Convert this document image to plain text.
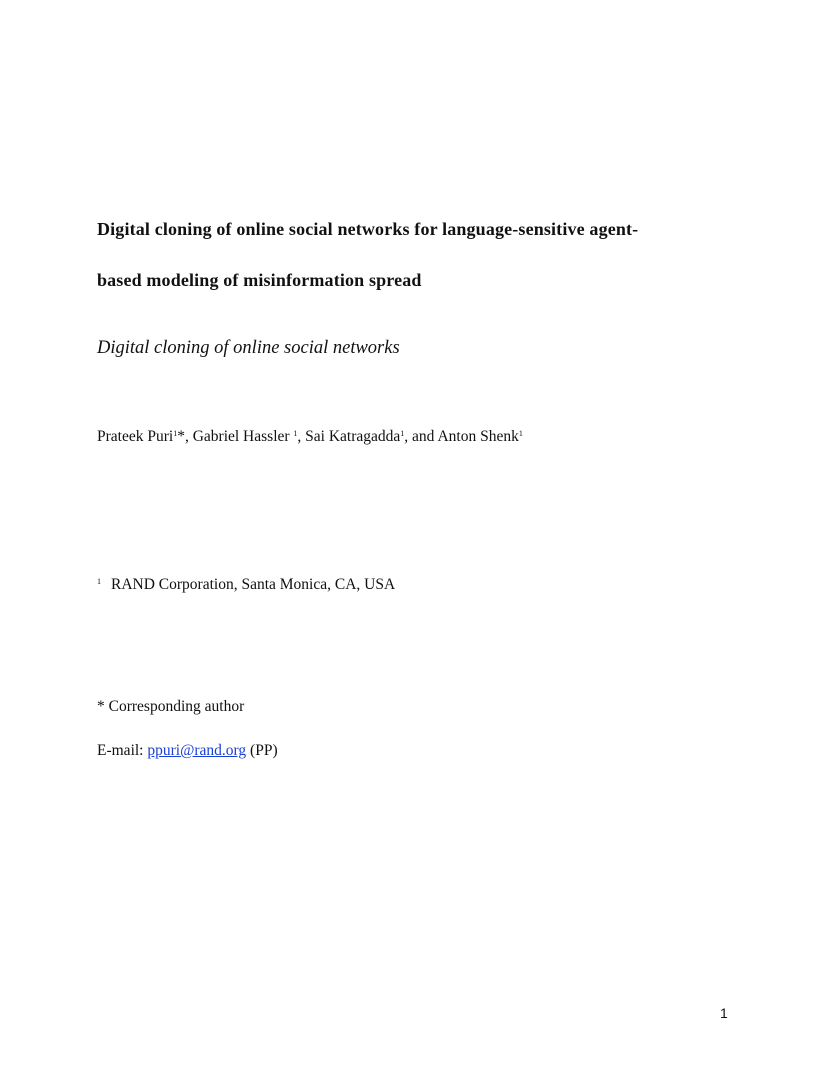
Digital cloning of online social networks for language-sensitive agent-
based modeling of misinformation spread

Digital cloning of online social networks

Prateek Puri$^1$*, Gabriel Hassler $^1$, Sai Katragadda$^1$, and Anton Shenk$^1$

$^1$ RAND Corporation, Santa Monica, CA, USA

* Corresponding author

E-mail: ppuri@rand.org (PP)

1
